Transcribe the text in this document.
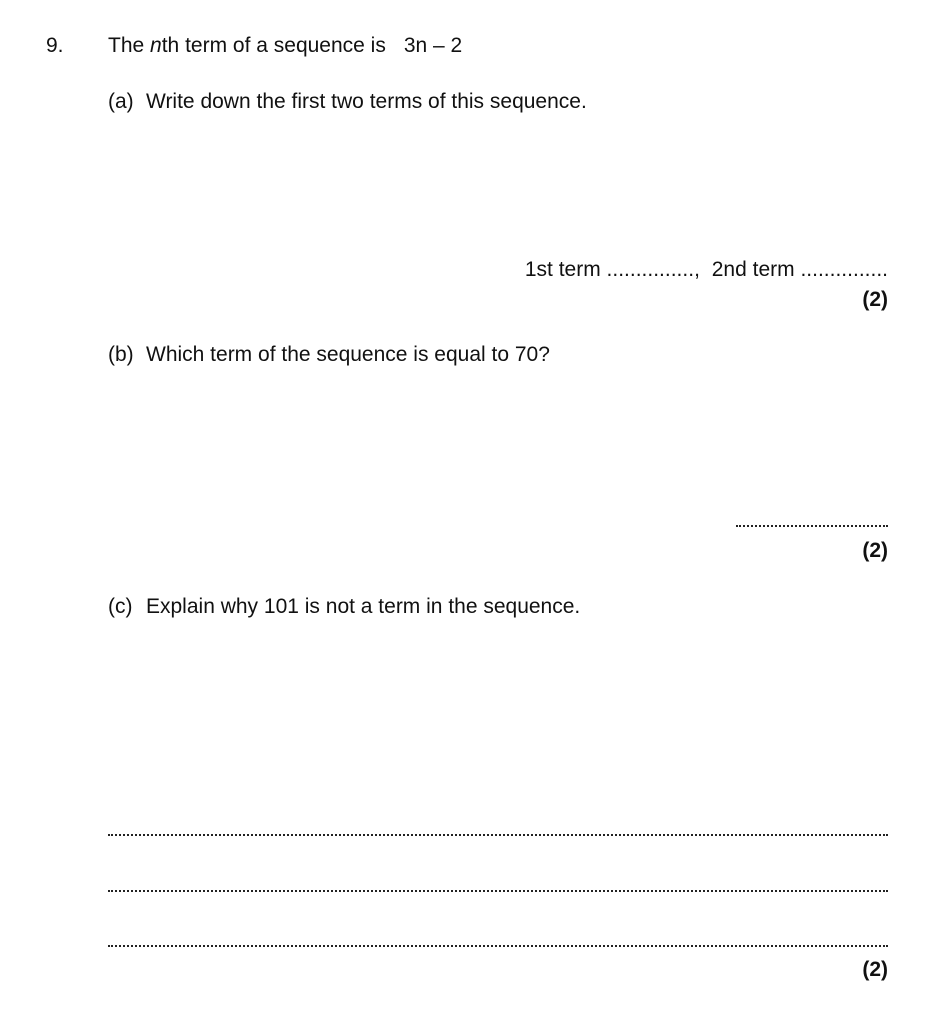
9. The nth term of a sequence is 3n – 2
(a) Write down the first two terms of this sequence.
1st term ..............., 2nd term ...............
(2)
(b) Which term of the sequence is equal to 70?
(2)
(c) Explain why 101 is not a term in the sequence.
(2)
